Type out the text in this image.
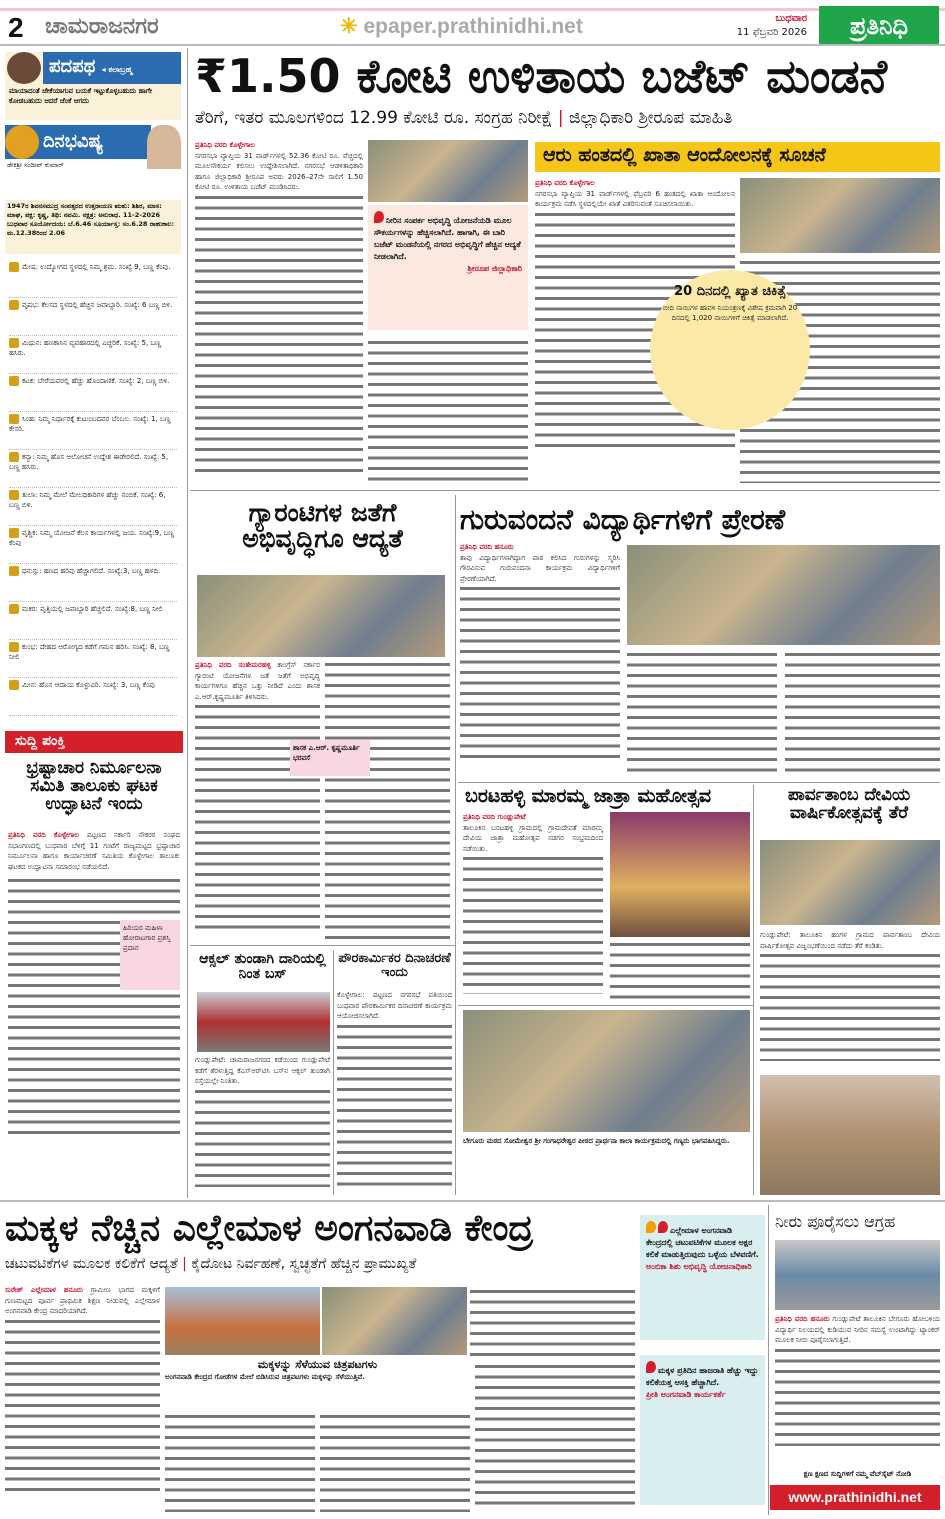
2 ಚಾಮರಾಜನಗರ	✳ epaper.prathinidhi.net	ಬುಧವಾರ
11 ಫೆಬ್ರವರಿ 2026	ಪ್ರತಿನಿಧಿ
ಪದಪಥ ◂ ಕಲಾಬ್ರಹ್ಮ
ಮಾಯಾದಂತೆ ಜೇಕೆಯಾಗುವ ಬಯಕೆ ಇಟ್ಟುಕೊಳ್ಳಬಹುದು ಹಾಗೇ ಕೋಡಬಹುದು ಆದರೆ ಜೆಂಕೆ ಆಗದು
ದಿನಭವಿಷ್ಯ
ಡೇಕಿಶ್ರೀ ಸಂದೀಪ್ ಕುಮಾರ್
1947ರ ಶಿವನಸಮುದ್ರ ಸಂವತ್ಸರದ ಉತ್ತರಾಯಣ ಋತು: ಶಿಶಿರ, ಮಾಸ: ಮಾಘ, ಪಕ್ಷ: ಕೃಷ್ಣ, ತಿಥಿ: ನವಮಿ. ನಕ್ಷತ್ರ: ಅನುರಾಧ. 11-2-2026 ಬುಧವಾರ ಸೂರ್ಯೋದಯ: ಬೆ.6.46 ಸೂರ್ಯಾಸ್ತ: ಸಂ.6.28 ರಾಹುಕಾಲ: ಮ.12.38ರಿಂದ 2.06
ಮೇಷ: ಉದ್ಯೋಗದ ಸ್ಥಳದಲ್ಲಿ ನಿಮ್ಮ ಶ್ರಮ. ಸಂಖ್ಯೆ 9, ಬಣ್ಣ ಕೆಂಪು.
ವೃಷಭ: ಕೆಲಸದ ಸ್ಥಳದಲ್ಲಿ ಹೆಚ್ಚಿನ ಜವಾಬ್ದಾರಿ. ಸಂಖ್ಯೆ: 6 ಬಣ್ಣ ಬಿಳಿ.
ಮಿಥುನ: ಹಣಕಾಸಿನ ವ್ಯವಹಾರದಲ್ಲಿ ಎಚ್ಚರಿಕೆ. ಸಂಖ್ಯೆ: 5, ಬಣ್ಣ ಹಸಿರು.
ಕಟಕ: ಬೇರೆಯವರಲ್ಲಿ ಹೆಚ್ಚು ಹೊಂದಾಣಿಕೆ. ಸಂಖ್ಯೆ: 2, ಬಣ್ಣ ಬಿಳಿ.
ಸಿಂಹ: ನಿಮ್ಮ ನಿರ್ಧಾರಕ್ಕೆ ಕುಟುಂಬದವರ ಬೆಂಬಲ. ಸಂಖ್ಯೆ: 1, ಬಣ್ಣ ಕೇಸರಿ.
ಕನ್ಯಾ: ನಿಮ್ಮ ಹೊಸ ಆಲೋಚನೆ ಉದ್ದೇಶ ಈಡೇರಲಿದೆ. ಸಂಖ್ಯೆ: 5, ಬಣ್ಣ ಹಸಿರು.
ತುಲಾ: ನಿಮ್ಮ ಮೇಲೆ ಮೇಲಧಿಕಾರಿಗಳ ಹೆಚ್ಚು ನಂಬಿಕೆ. ಸಂಖ್ಯೆ: 6, ಬಣ್ಣ ಬಿಳಿ.
ವೃಶ್ಚಿಕ: ನಿಮ್ಮ ಯೋಜನೆ ಕೆಲಸ ಕಾರ್ಯಗಳಲ್ಲಿ ಜಯ. ಸಂಖ್ಯೆ:9, ಬಣ್ಣ ಕೆಂಪು
ಧನುಸ್ಸು: ಹಣದ ಹರಿವು ಹೆಚ್ಚಾಗಲಿದೆ. ಸಂಖ್ಯೆ:3, ಬಣ್ಣ ಹಳದಿ.
ಮಕರ: ವೃತ್ತಿಯಲ್ಲಿ ಜವಾಬ್ದಾರಿ ಹೆಚ್ಚಲಿದೆ. ಸಂಖ್ಯೆ:8, ಬಣ್ಣ ನೀಲಿ
ಕುಂಭ: ದೇಹದ ಆರೋಗ್ಯದ ಕಡೆಗೆ ಗಮನ ಹರಿಸಿ. ಸಂಖ್ಯೆ: 8, ಬಣ್ಣ ನೀಲಿ
ಮೀನ: ಹೊಸ ಆದಾಯ ಕೊಳ್ಳುವಿರಿ. ಸಂಖ್ಯೆ: 3, ಬಣ್ಣ ಕೆಂಪು
ಸುದ್ದಿ ಪಂಕ್ತಿ
ಭ್ರಷ್ಟಾಚಾರ ನಿರ್ಮೂಲನಾ ಸಮಿತಿ ತಾಲೂಕು ಘಟಕ ಉದ್ಘಾಟನೆ ಇಂದು
ಪ್ರತಿನಿಧಿ ವರದಿ ಕೊಳ್ಳೇಗಾಲ ಪಟ್ಟಣದ ಸರ್ಕಾರಿ ನೌಕರರ ಸಂಘದ ಸಭಾಂಗಣದಲ್ಲಿ ಬುಧವಾರ ಬೆಳಿಗ್ಗೆ 11 ಗಂಟೆಗೆ ರಾಜ್ಯಮಟ್ಟದ ಭ್ರಷ್ಟಾಚಾರ ನಿರ್ಮೂಲನಾ ಹಾಗೂ ಕಾರ್ಯಾಚರಣೆ ಸಮಿತಿಯ ಕೊಳ್ಳೇಗಾಲ ತಾಲೂಕು ಘಟಕದ ಉದ್ಘಾಟನಾ ಸಮಾರಂಭ ನಡೆಯಲಿದೆ.
ಹಿರಿಯರ ಮಹಿಳಾ ಹೋರಾಟಗಾರ ಪ್ರಶಸ್ತಿ ಪ್ರದಾನ
₹1.50 ಕೋಟಿ ಉಳಿತಾಯ ಬಜೆಟ್ ಮಂಡನೆ
ತೆರಿಗೆ, ಇತರ ಮೂಲಗಳಿಂದ 12.99 ಕೋಟಿ ರೂ. ಸಂಗ್ರಹ ನಿರೀಕ್ಷೆ | ಜಿಲ್ಲಾಧಿಕಾರಿ ಶ್ರೀರೂಪ ಮಾಹಿತಿ
ಪ್ರತಿನಿಧಿ ವರದಿ ಕೊಳ್ಳೇಗಾಲ
ನಗರಸಭಾ ವ್ಯಾಪ್ತಿಯ 31 ವಾರ್ಡ್‌ಗಳಲ್ಲಿ 52.36 ಕೋಟಿ ರೂ. ವೆಚ್ಚದಲ್ಲಿ ಮೂಲಸೌಕರ್ಯ ಕಲಿಸಲು ಉದ್ದೇಶಿಸಲಾಗಿದೆ. ನಗರಸಭೆ ಆಡಳಿತಾಧಿಕಾರಿ ಹಾಗೂ ಜಿಲ್ಲಾಧಿಕಾರಿ ಶ್ರೀರೂಪ ಅವರು 2026–27ನೇ ಸಾಲಿಗೆ 1.50 ಕೋಟಿ ರೂ. ಉಳಿತಾಯ ಬಜೆಟ್ ಮಂಡಿಸಿದರು.
ನೀರಿನ ಸಂಪರ್ಕ ಅಭಿವೃದ್ಧಿ ಯೋಜನೆಯಡಿ ಮೂಲ ಸೌಕರ್ಯಗಳನ್ನು ಹೆಚ್ಚಿಸಲಾಗಿದೆ. ಹಾಗಾಗಿ, ಈ ಬಾರಿ ಬಜೆಟ್ ಮಂಡನೆಯಲ್ಲಿ ನಗರದ ಅಭಿವೃದ್ಧಿಗೆ ಹೆಚ್ಚಿನ ಆದ್ಯತೆ ನೀಡಲಾಗಿದೆ.
ಶ್ರೀರೂಪ ಜಿಲ್ಲಾಧಿಕಾರಿ
ಆರು ಹಂತದಲ್ಲಿ ಖಾತಾ ಆಂದೋಲನಕ್ಕೆ ಸೂಚನೆ
ಪ್ರತಿನಿಧಿ ವರದಿ ಕೊಳ್ಳೇಗಾಲ
ನಗರಸಭಾ ವ್ಯಾಪ್ತಿಯ 31 ವಾರ್ಡ್‌ಗಳಲ್ಲಿ ಫೆಬ್ರವರಿ 6 ಹಂತದಲ್ಲಿ ಖಾತಾ ಆಂದೋಲನ ಕಾರ್ಯಕ್ರಮ ನಡೆಸಿ ಸ್ಥಳದಲ್ಲಿಯೇ ಖಾತೆ ವಿತರಿಸುವಂತೆ ಸೂಚಿಸಲಾಯಿತು.
20 ದಿನದಲ್ಲಿ ಖ್ಯಾತ ಚಿಕಿತ್ಸೆ
ಬೀದಿ ನಾಯಿಗಳ ಹಾವಳಿ ನಿಯಂತ್ರಣಕ್ಕೆ ವಿಶೇಷ ಕ್ರಮವಾಗಿ 20 ದಿನದಲ್ಲಿ 1,020 ನಾಯಿಗಳಿಗೆ ಚಿಕಿತ್ಸೆ ಮಾಡಲಾಗಿದೆ.
ಗ್ಯಾರಂಟಿಗಳ ಜತೆಗೆ ಅಭಿವೃದ್ಧಿಗೂ ಆದ್ಯತೆ
ಪ್ರತಿನಿಧಿ ವರದಿ ಸಂತೇಮರಹಳ್ಳಿ ಕಾಂಗ್ರೆಸ್ ಸರ್ಕಾರ ಗ್ಯಾರಂಟಿ ಯೋಜನೆಗಳ ಜತೆ ಜತೆಗೆ ಅಭಿವೃದ್ಧಿ ಕಾರ್ಯಗಳಿಗೂ ಹೆಚ್ಚಿನ ಒತ್ತು ನೀಡಿದೆ ಎಂದು ಶಾಸಕ ಎ.ಆರ್.ಕೃಷ್ಣಮೂರ್ತಿ ತಿಳಿಸಿದರು.
ಶಾಸಕ ಎ.ಆರ್. ಕೃಷ್ಣಮೂರ್ತಿ ಭರವಸೆ
ಗುರುವಂದನೆ ವಿದ್ಯಾರ್ಥಿಗಳಿಗೆ ಪ್ರೇರಣೆ
ಪ್ರತಿನಿಧಿ ವರದಿ ಹನೂರು
ತಾವು ವಿದ್ಯಾರ್ಥಿಗಳಾಗಿದ್ದಾಗ ಪಾಠ ಕಲಿಸಿದ ಗುರುಗಳನ್ನು ಸ್ಮರಿಸಿ ಗೌರವಿಸುವ ಗುರುವಂದನಾ ಕಾರ್ಯಕ್ರಮ ವಿದ್ಯಾರ್ಥಿಗಳಿಗೆ ಪ್ರೇರಣೆಯಾಗಿದೆ.
ಬರಟಹಳ್ಳಿ ಮಾರಮ್ಮ ಜಾತ್ರಾ ಮಹೋತ್ಸವ
ಪ್ರತಿನಿಧಿ ವರದಿ ಗುಂಡ್ಲುಪೇಟೆ
ತಾಲೂಕಿನ ಬರಟಹಳ್ಳಿ ಗ್ರಾಮದಲ್ಲಿ ಗ್ರಾಮದೇವತೆ ಮಾರಮ್ಮ ದೇವಿಯ ಜಾತ್ರಾ ಮಹೋತ್ಸವ ಸಡಗರ ಸಂಭ್ರಮದಿಂದ ನಡೆಯಿತು.
ಪಾರ್ವತಾಂಬ ದೇವಿಯ ವಾರ್ಷಿಕೋತ್ಸವಕ್ಕೆ ತೆರೆ
ಗುಂಡ್ಲುಪೇಟೆ: ತಾಲೂಕಿನ ಹಂಗಳ ಗ್ರಾಮದ ಪಾರ್ವತಾಂಬ ದೇವಿಯ ವಾರ್ಷಿಕೋತ್ಸವ ವಿಜೃಂಭಣೆಯಿಂದ ನಡೆದು ತೆರೆ ಕಂಡಿತು.
ಆಕ್ಸಲ್ ತುಂಡಾಗಿ ದಾರಿಯಲ್ಲಿ ನಿಂತ ಬಸ್
ಗುಂಡ್ಲುಪೇಟೆ: ಚಾಮರಾಜನಗರದ ಕಡೆಯಿಂದ ಗುಂಡ್ಲುಪೇಟೆ ಕಡೆಗೆ ತೆರಳುತ್ತಿದ್ದ ಕೆಎಸ್ಆರ್‌ಟಿಸಿ ಬಸ್‌ನ ಆಕ್ಸಲ್ ತುಂಡಾಗಿ ರಸ್ತೆಯಲ್ಲೇ ನಿಂತಿತು.
ಪೌರಕಾರ್ಮಿಕರ ದಿನಾಚರಣೆ ಇಂದು
ಕೊಳ್ಳೇಗಾಲ: ಪಟ್ಟಣದ ನಗರಸಭೆ ವತಿಯಿಂದ ಬುಧವಾರ ಪೌರಕಾರ್ಮಿಕರ ದಿನಾಚರಣೆ ಕಾರ್ಯಕ್ರಮ ಆಯೋಜಿಸಲಾಗಿದೆ.
ಬೇಗೂರು ಮಠದ ಸೋಮೇಶ್ವರ ಶ್ರೀ ಗಂಗಾಧರೇಶ್ವರ ಪೀಠದ ಪ್ರಾರ್ಥನಾ ಕಾಲಾ ಕಾರ್ಯಕ್ರಮದಲ್ಲಿ ಗಣ್ಯರು ಭಾಗವಹಿಸಿದ್ದರು.
ಮಕ್ಕಳ ನೆಚ್ಚಿನ ಎಲ್ಲೇಮಾಳ ಅಂಗನವಾಡಿ ಕೇಂದ್ರ
ಚಟುವಟಿಕೆಗಳ ಮೂಲಕ ಕಲಿಕೆಗೆ ಆದ್ಯತೆ | ಕೈದೋಟ ನಿರ್ವಹಣೆ, ಸ್ವಚ್ಛತೆಗೆ ಹೆಚ್ಚಿನ ಪ್ರಾಮುಖ್ಯತೆ
ಸುರೇಶ್ ಎಲ್ಲೇಮಾಳ ಹನೂರು ಗ್ರಾಮೀಣ ಭಾಗದ ಮಕ್ಕಳಿಗೆ ಗುಣಮಟ್ಟದ ಪೂರ್ವ ಪ್ರಾಥಮಿಕ ಶಿಕ್ಷಣ ನೀಡುವಲ್ಲಿ ಎಲ್ಲೇಮಾಳ ಅಂಗನವಾಡಿ ಕೇಂದ್ರ ಮಾದರಿಯಾಗಿದೆ.
ಮಕ್ಕಳನ್ನು ಸೆಳೆಯುವ ಚಿತ್ರಪಟಗಳು
ಅಂಗನವಾಡಿ ಕೇಂದ್ರದ ಗೋಡೆಗಳ ಮೇಲೆ ಬಿಡಿಸಿರುವ ಚಿತ್ರಪಟಗಳು ಮಕ್ಕಳನ್ನು ಸೆಳೆಯುತ್ತಿವೆ.
ಎಲ್ಲೇಮಾಳ ಅಂಗನವಾಡಿ ಕೇಂದ್ರದಲ್ಲಿ ಚಟುವಟಿಕೆಗಳ ಮೂಲಕ ಅಕ್ಷರ ಕಲಿಕೆ ಮಾಡುತ್ತಿರುವುದು ಒಳ್ಳೆಯ ಬೆಳವಣಿಗೆ.
ಅಂಬಿಕಾ ಶಿಶು ಅಭಿವೃದ್ಧಿ ಯೋಜನಾಧಿಕಾರಿ
ಮಕ್ಕಳ ಪ್ರತಿದಿನ ಹಾಜರಾತಿ ಹೆಚ್ಚು ಇದ್ದು ಕಲಿಕೆಯತ್ತ ಆಸಕ್ತಿ ಹೆಚ್ಚಾಗಿದೆ.
ಪ್ರೀತಿ ಅಂಗನವಾಡಿ ಕಾರ್ಯಕರ್ತೆ
ನೀರು ಪೂರೈಸಲು ಆಗ್ರಹ
ಪ್ರತಿನಿಧಿ ವರದಿ ಹನೂರು ಗುಂಡ್ಲುಪೇಟೆ ತಾಲೂಕಿನ ಬೇಗೂರು ಹೋಬಳಿಯ ವಿದ್ಯಾರ್ಥಿ ನಿಲಯದಲ್ಲಿ ಕುಡಿಯುವ ನೀರಿನ ಸಮಸ್ಯೆ ಉಂಟಾಗಿದ್ದು ಟ್ಯಾಂಕರ್ ಮೂಲಕ ನೀರು ಪೂರೈಸಲಾಗುತ್ತಿದೆ.
ಕ್ಷಣ ಕ್ಷಣದ ಸುದ್ದಿಗಳಿಗೆ ನಮ್ಮ ವೆಬ್‌ಸೈಟ್ ನೋಡಿ
www.prathinidhi.net
